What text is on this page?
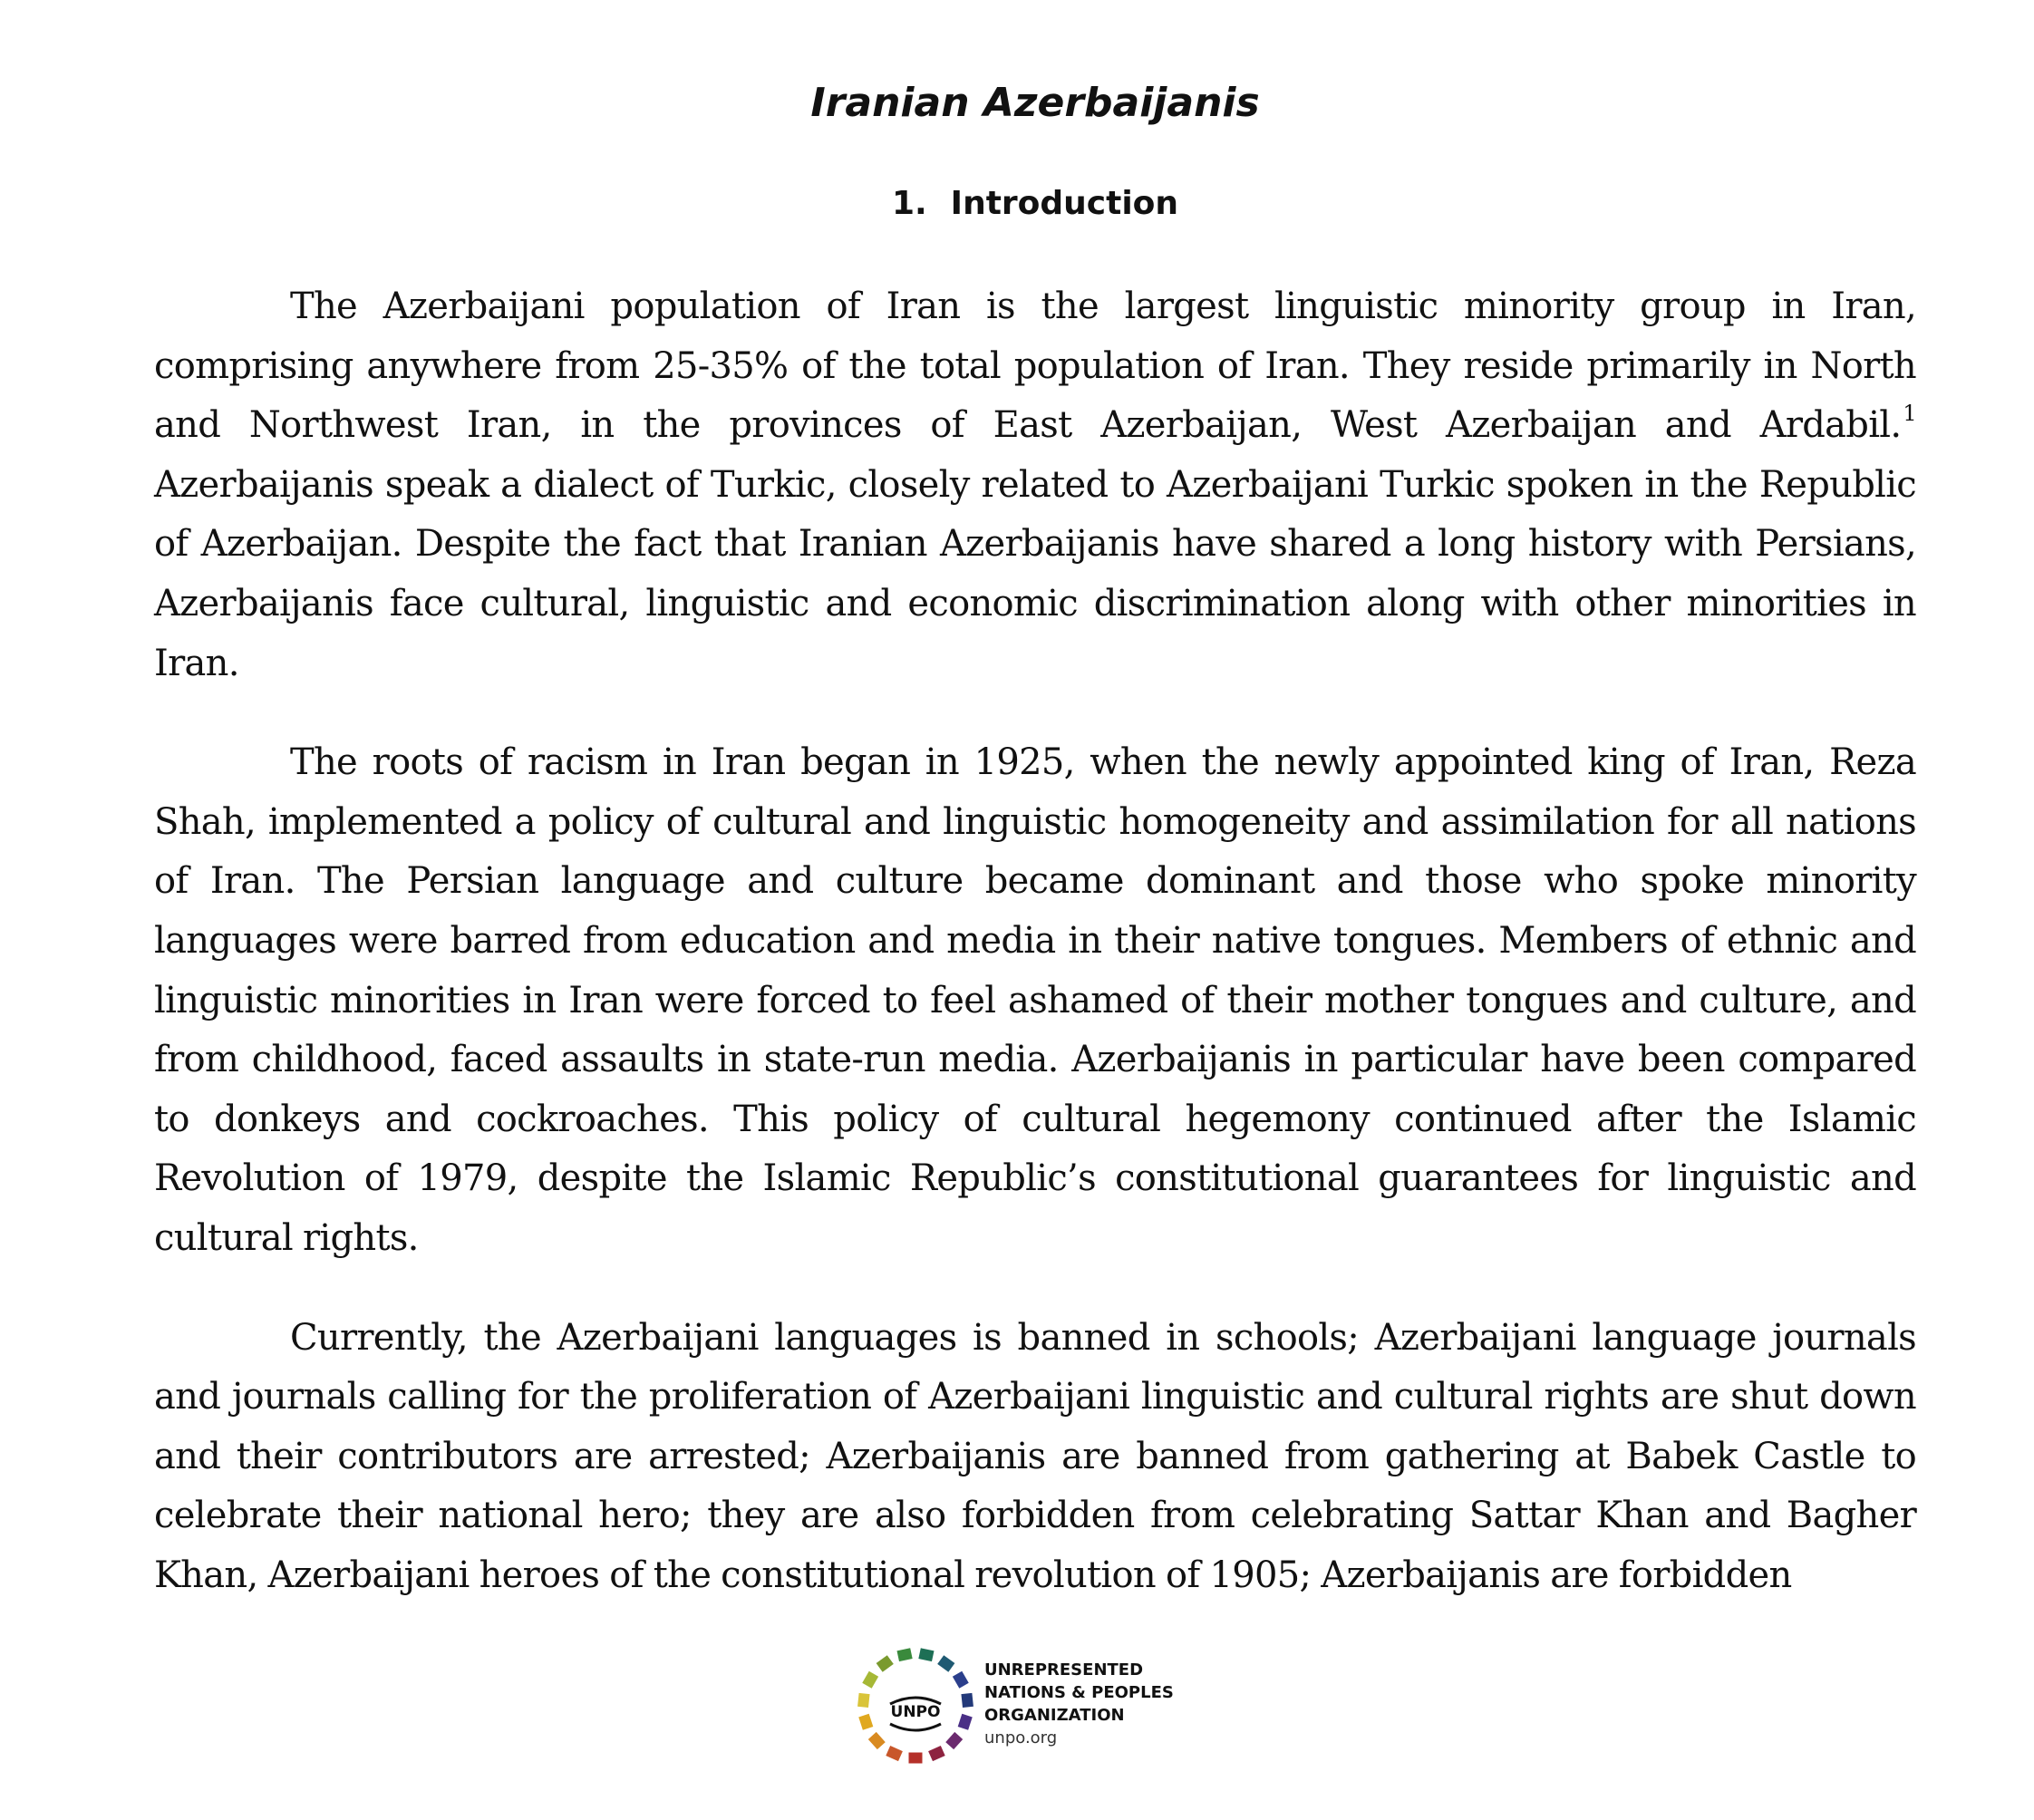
Iranian Azerbaijanis
1. Introduction

The Azerbaijani population of Iran is the largest linguistic minority group in Iran, comprising anywhere from 25-35% of the total population of Iran. They reside primarily in North and Northwest Iran, in the provinces of East Azerbaijan, West Azerbaijan and Ardabil.$^1$ Azerbaijanis speak a dialect of Turkic, closely related to Azerbaijani Turkic spoken in the Republic of Azerbaijan. Despite the fact that Iranian Azerbaijanis have shared a long history with Persians, Azerbaijanis face cultural, linguistic and economic discrimination along with other minorities in Iran.

The roots of racism in Iran began in 1925, when the newly appointed king of Iran, Reza Shah, implemented a policy of cultural and linguistic homogeneity and assimilation for all nations of Iran. The Persian language and culture became dominant and those who spoke minority languages were barred from education and media in their native tongues. Members of ethnic and linguistic minorities in Iran were forced to feel ashamed of their mother tongues and culture, and from childhood, faced assaults in state-run media. Azerbaijanis in particular have been compared to donkeys and cockroaches. This policy of cultural hegemony continued after the Islamic Revolution of 1979, despite the Islamic Republic’s constitutional guarantees for linguistic and cultural rights.

Currently, the Azerbaijani languages is banned in schools; Azerbaijani language journals and journals calling for the proliferation of Azerbaijani linguistic and cultural rights are shut down and their contributors are arrested; Azerbaijanis are banned from gathering at Babek Castle to celebrate their national hero; they are also forbidden from celebrating Sattar Khan and Bagher Khan, Azerbaijani heroes of the constitutional revolution of 1905; Azerbaijanis are forbidden

UNPO
UNREPRESENTED
NATIONS & PEOPLES
ORGANIZATION
unpo.org
